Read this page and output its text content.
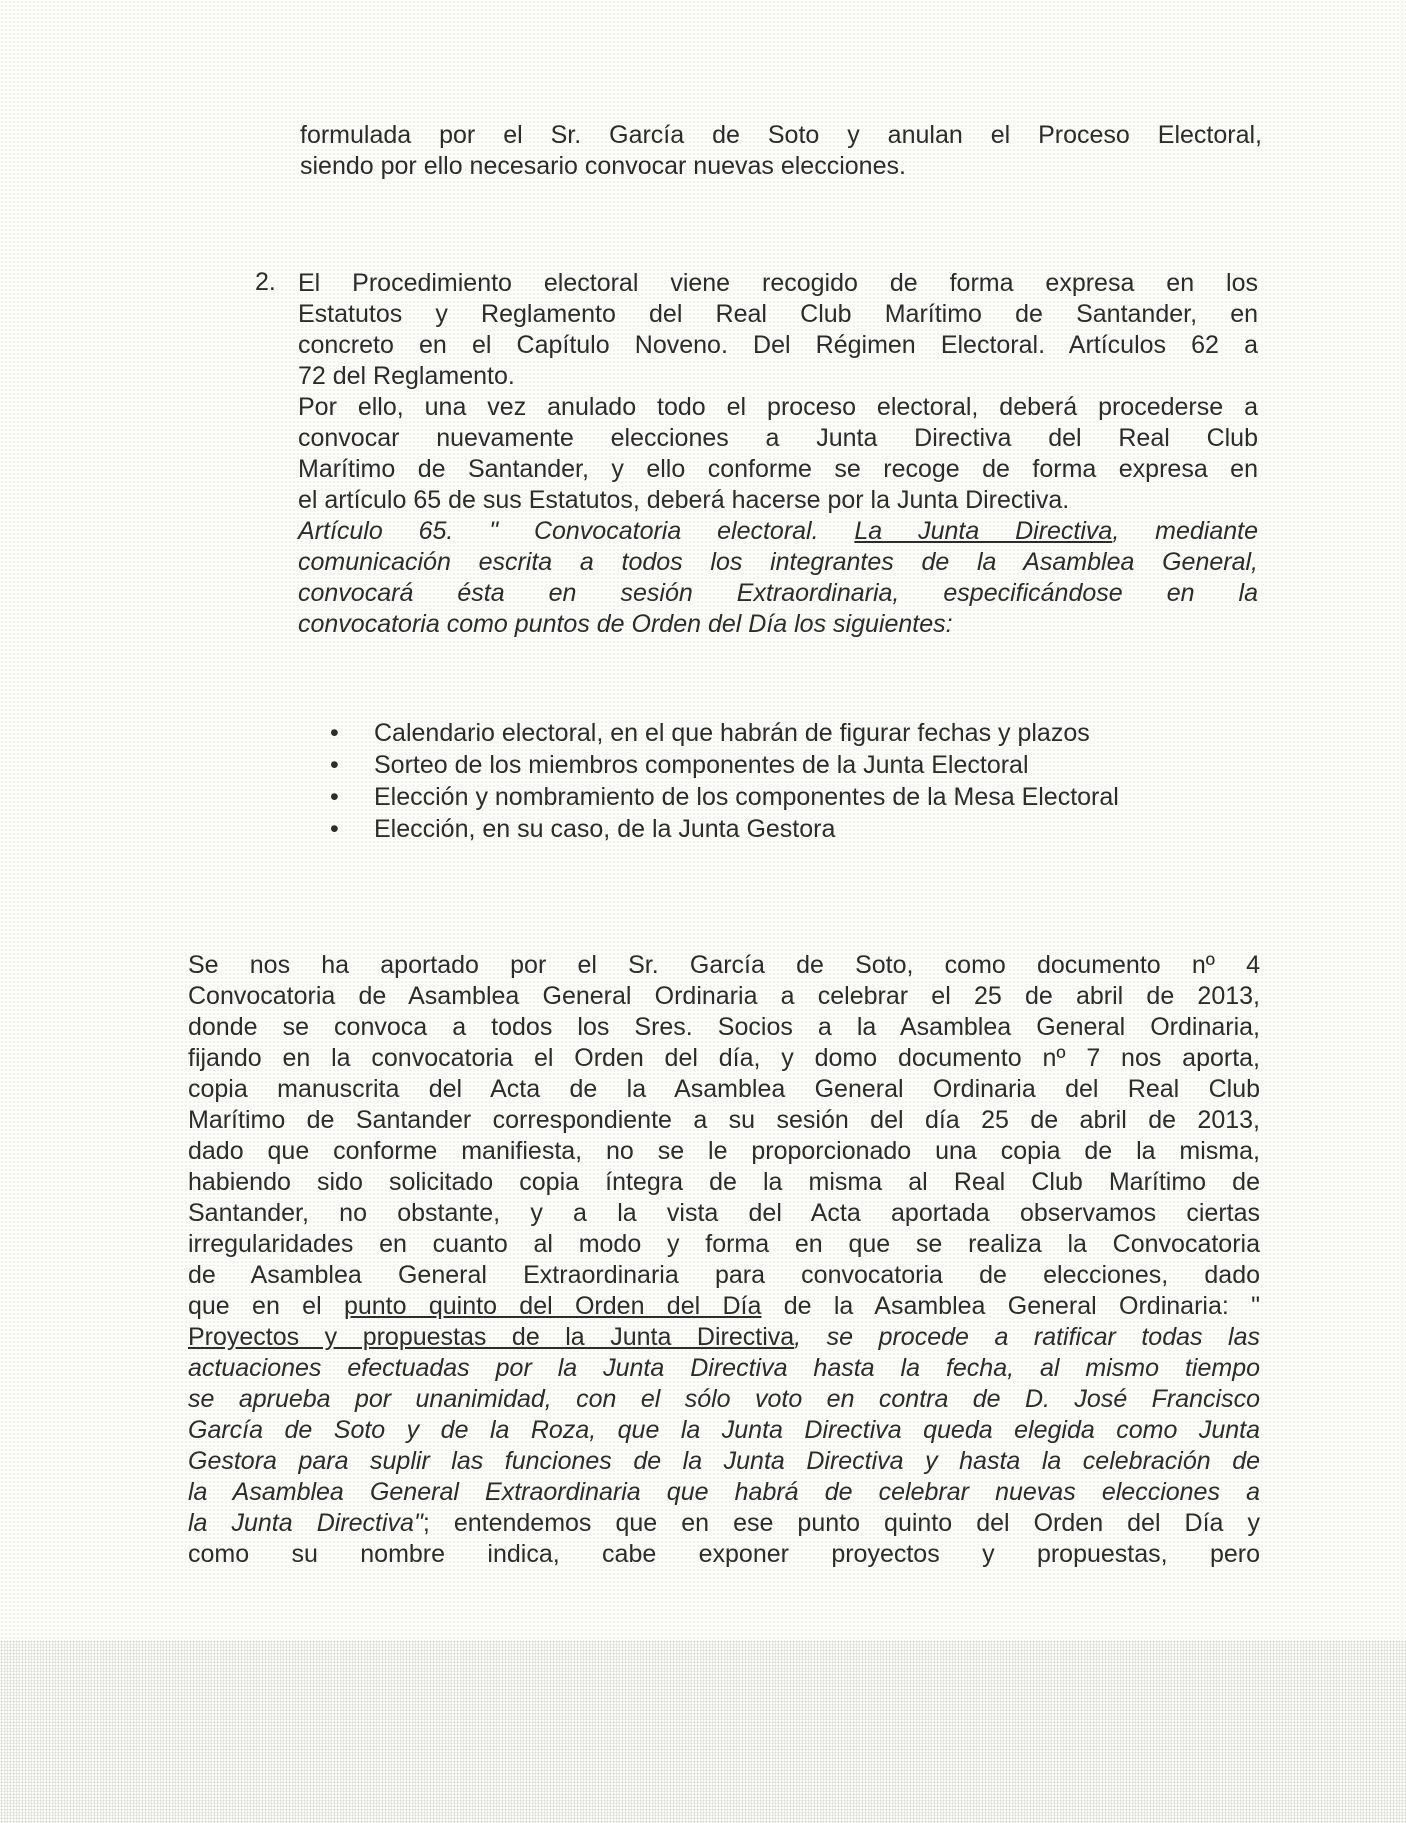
formulada por el Sr. García de Soto y anulan el Proceso Electoral,
siendo por ello necesario convocar nuevas elecciones.
2. El Procedimiento electoral viene recogido de forma expresa en los
Estatutos y Reglamento del Real Club Marítimo de Santander, en
concreto en el Capítulo Noveno. Del Régimen Electoral. Artículos 62 a
72 del Reglamento.
Por ello, una vez anulado todo el proceso electoral, deberá procederse a
convocar nuevamente elecciones a Junta Directiva del Real Club
Marítimo de Santander, y ello conforme se recoge de forma expresa en
el artículo 65 de sus Estatutos, deberá hacerse por la Junta Directiva.
Artículo 65. " Convocatoria electoral. La Junta Directiva, mediante
comunicación escrita a todos los integrantes de la Asamblea General,
convocará ésta en sesión Extraordinaria, especificándose en la
convocatoria como puntos de Orden del Día los siguientes:
• Calendario electoral, en el que habrán de figurar fechas y plazos
• Sorteo de los miembros componentes de la Junta Electoral
• Elección y nombramiento de los componentes de la Mesa Electoral
• Elección, en su caso, de la Junta Gestora
Se nos ha aportado por el Sr. García de Soto, como documento nº 4
Convocatoria de Asamblea General Ordinaria a celebrar el 25 de abril de 2013,
donde se convoca a todos los Sres. Socios a la Asamblea General Ordinaria,
fijando en la convocatoria el Orden del día, y domo documento nº 7 nos aporta,
copia manuscrita del Acta de la Asamblea General Ordinaria del Real Club
Marítimo de Santander correspondiente a su sesión del día 25 de abril de 2013,
dado que conforme manifiesta, no se le proporcionado una copia de la misma,
habiendo sido solicitado copia íntegra de la misma al Real Club Marítimo de
Santander, no obstante, y a la vista del Acta aportada observamos ciertas
irregularidades en cuanto al modo y forma en que se realiza la Convocatoria
de Asamblea General Extraordinaria para convocatoria de elecciones, dado
que en el punto quinto del Orden del Día de la Asamblea General Ordinaria: "
Proyectos y propuestas de la Junta Directiva, se procede a ratificar todas las
actuaciones efectuadas por la Junta Directiva hasta la fecha, al mismo tiempo
se aprueba por unanimidad, con el sólo voto en contra de D. José Francisco
García de Soto y de la Roza, que la Junta Directiva queda elegida como Junta
Gestora para suplir las funciones de la Junta Directiva y hasta la celebración de
la Asamblea General Extraordinaria que habrá de celebrar nuevas elecciones a
la Junta Directiva"; entendemos que en ese punto quinto del Orden del Día y
como su nombre indica, cabe exponer proyectos y propuestas, pero
